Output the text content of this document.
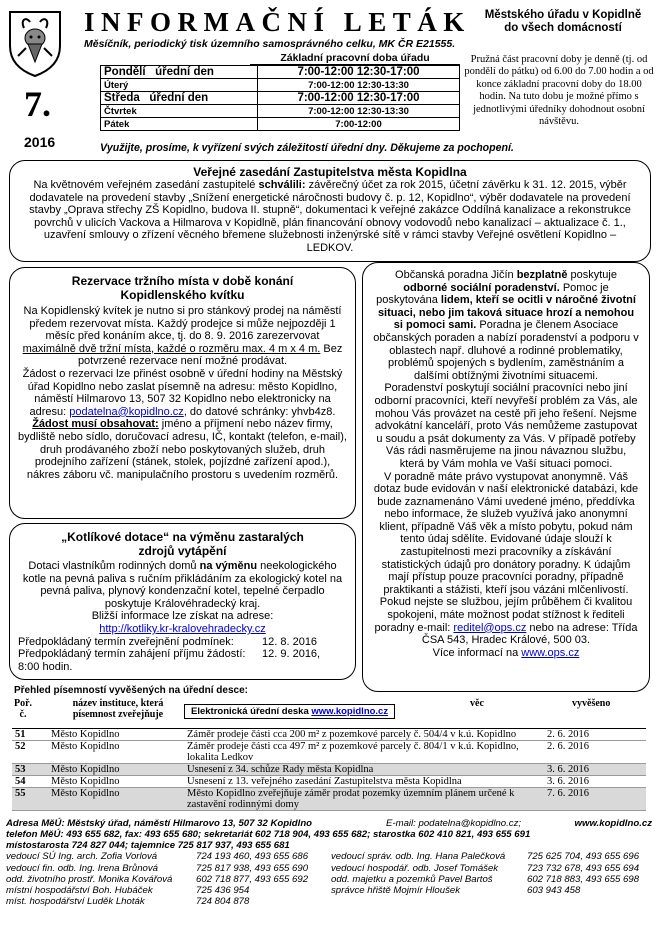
INFORMAČNÍ LETÁK	Městského úřadu v Kopidlně
do všech domácností
Měsíčník, periodický tisk územního samosprávného celku, MK ČR E21555.
7.
2016
Základní pracovní doba úřadu
Pondělí   úřední den	7:00-12:00 12:30-17:00
Úterý	7:00-12:00 12:30-13:30
Středa   úřední den	7:00-12:00 12:30-17:00
Čtvrtek	7:00-12:00 12:30-13:30
Pátek	7:00-12:00
Pružná část pracovní doby je denně (tj. od pondělí do pátku) od 6.00 do 7.00 hodin a od konce základní pracovní doby do 18.00 hodin. Na tuto dobu je možné přímo s jednotlivými úředníky dohodnout osobní návštěvu.
Využijte, prosíme, k vyřízení svých záležitostí úřední dny. Děkujeme za pochopení.
Veřejné zasedání Zastupitelstva města Kopidlna

Na květnovém veřejném zasedání zastupitelé schválili: závěrečný účet za rok 2015, účetní závěrku k 31. 12. 2015, výběr dodavatele na provedení stavby „Snížení energetické náročnosti budovy č. p. 12, Kopidlno“, výběr dodavatele na provedení stavby „Oprava střechy ZŠ Kopidlno, budova II. stupně“, dokumentaci k veřejné zakázce Oddílná kanalizace a rekonstrukce povrchů v ulicích Vackova a Hilmarova v Kopidlně, plán financování obnovy vodovodů nebo kanalizací – aktualizace č. 1., uzavření smlouvy o zřízení věcného břemene služebnosti inženýrské sítě v rámci stavby Veřejné osvětlení Kopidlno – LEDKOV.

Rezervace tržního místa v době konání Kopidlenského kvítku

Na Kopidlenský kvítek je nutno si pro stánkový prodej na náměstí předem rezervovat místa. Každý prodejce si může nejpozději 1 měsíc před konáním akce, tj. do 8. 9. 2016 zarezervovat maximálně dvě tržní místa, každé o rozměru max. 4 m x 4 m. Bez potvrzené rezervace není možné prodávat.

Žádost o rezervaci lze přinést osobně v úřední hodiny na Městský úřad Kopidlno nebo zaslat písemně na adresu: město Kopidlno, náměstí Hilmarovo 13, 507 32 Kopidlno nebo elektronicky na adresu: podatelna@kopidlno.cz, do datové schránky: yhvb4z8.

Žádost musí obsahovat: jméno a příjmení nebo název firmy, bydliště nebo sídlo, doručovací adresu, IČ, kontakt (telefon, e-mail), druh prodávaného zboží nebo poskytovaných služeb, druh prodejního zařízení (stánek, stolek, pojízdné zařízení apod.), nákres záboru vč. manipulačního prostoru s uvedením rozměrů.

„Kotlíkové dotace“ na výměnu zastaralých zdrojů vytápění

Dotaci vlastníkům rodinných domů na výměnu neekologického kotle na pevná paliva s ručním přikládáním za ekologický kotel na pevná paliva, plynový kondenzační kotel, tepelné čerpadlo poskytuje Královéhradecký kraj.

Bližší informace lze získat na adrese:

http://kotliky.kr-kralovehradecky.cz

Předpokládaný termín zveřejnění podmínek:	12. 8. 2016
Předpokládaný termín zahájení příjmu žádostí: 12. 9. 2016,
8:00 hodin.

Občanská poradna Jičín bezplatně poskytuje odborné sociální poradenství. Pomoc je poskytována lidem, kteří se ocitli v náročné životní situaci, nebo jim taková situace hrozí a nemohou si pomoci sami. Poradna je členem Asociace občanských poraden a nabízí poradenství a podporu v oblastech např. dluhové a rodinné problematiky, problémů spojených s bydlením, zaměstnáním a dalšími obtížnými životními situacemi.

Poradenství poskytují sociální pracovníci nebo jiní odborní pracovníci, kteří nevyřeší problém za Vás, ale mohou Vás provázet na cestě při jeho řešení. Nejsme advokátní kanceláří, proto Vás nemůžeme zastupovat u soudu a psát dokumenty za Vás. V případě potřeby Vás rádi nasměrujeme na jinou návaznou službu, která by Vám mohla ve Vaší situaci pomoci.

V poradně máte právo vystupovat anonymně. Váš dotaz bude evidován v naší elektronické databázi, kde bude zaznamenáno Vámi uvedené jméno, předdívka nebo informace, že služeb využívá jako anonymní klient, případně Váš věk a místo pobytu, pokud nám tento údaj sdělíte. Evidované údaje slouží k zastupitelnosti mezi pracovníky a získávání statistických údajů pro donátory poradny. K údajům mají přístup pouze pracovníci poradny, případně praktikanti a stážisti, kteří jsou vázáni mlčenlivostí. Pokud nejste se službou, jejím průběhem či kvalitou spokojeni, máte možnost podat stížnost k řediteli poradny e-mail: reditel@ops.cz nebo na adrese: Třída ČSA 543, Hradec Králové, 500 03.

Více informací na www.ops.cz

Přehled písemností vyvěšených na úřední desce:
Poř. č.
název instituce, která písemnost zveřejňuje	Elektronická úřední deska www.kopidlno.cz
věc	vyvěšeno
51	Město Kopidlno	Záměr prodeje části cca 200 m² z pozemkové parcely č. 504/4 v k.ú. Kopidlno	2. 6. 2016
52	Město Kopidlno	Záměr prodeje části cca 497 m² z pozemkové parcely č. 804/1 v k.ú. Kopidlno, lokalita Ledkov	2. 6. 2016
53	Město Kopidlno	Usnesení z 34. schůze Rady města Kopidlna	3. 6. 2016
54	Město Kopidlno	Usnesení z 13. veřejného zasedání Zastupitelstva města Kopidlna	3. 6. 2016
55	Město Kopidlno	Město Kopidlno zveřejňuje záměr prodat pozemky územním plánem určené k zastavění rodinnými domy	7. 6. 2016
Adresa MěÚ: Městský úřad, náměstí Hilmarovo 13, 507 32 Kopidlno	E-mail: podatelna@kopidlno.cz;	www.kopidlno.cz
telefon MěÚ: 493 655 682, fax: 493 655 680; sekretariát 602 718 904, 493 655 682; starostka 602 410 821, 493 655 691
místostarosta 724 827 044; tajemnice 725 817 937, 493 655 681
vedoucí SÚ Ing. arch. Zofia Vorlová	724 193 460, 493 655 686
vedoucí fin. odb. Ing. Irena Brůnová	725 817 938, 493 655 690
odd. životního prostř. Monika Kovářová 602 718 877, 493 655 692
místní hospodářství Boh. Hubáček	725 436 954
míst. hospodářství Luděk Lhoták	724 804 878
vedoucí správ. odb. Ing. Hana Palečková 725 625 704, 493 655 696
vedoucí hospodář. odb. Josef Tomášek	723 732 678, 493 655 694
odd. majetku a pozemků Pavel Bartoš	602 718 883, 493 655 698
správce hřiště Mojmír Hloušek	603 943 458
